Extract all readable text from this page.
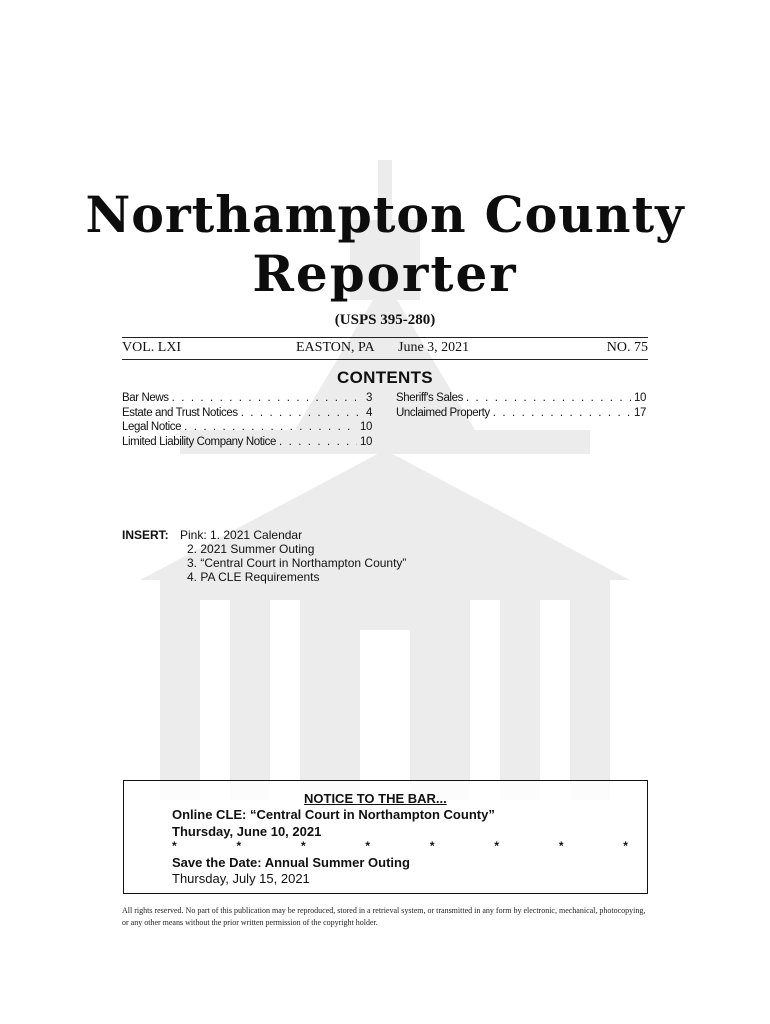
Northampton County
Reporter
(USPS 395-280)
VOL. LXI	EASTON, PA June 3, 2021	NO. 75
CONTENTS
Bar News . . .	3
Estate and Trust Notices . . .	4
Legal Notice . . .	10
Limited Liability Company Notice . . .	10
Sheriff's Sales . . .	10
Unclaimed Property . . .	17
INSERT: Pink: 1. 2021 Calendar
2. 2021 Summer Outing
3. “Central Court in Northampton County”
4. PA CLE Requirements
NOTICE TO THE BAR...
Online CLE: “Central Court in Northampton County”
Thursday, June 10, 2021
*	*	*	*	*	*	*	*
Save the Date: Annual Summer Outing
Thursday, July 15, 2021
All rights reserved. No part of this publication may be reproduced, stored in a retrieval system, or transmitted in any form by electronic, mechanical, photocopying, or any other means without the prior written permission of the copyright holder.
